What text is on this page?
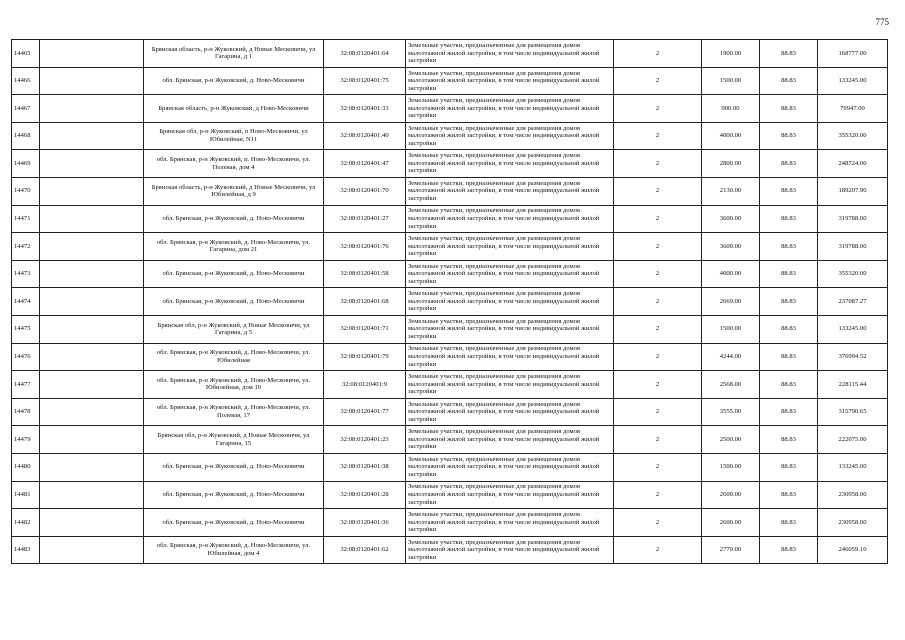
775
14465		Брянская область, р-н Жуковский, д Новые Месковичи, ул Гагарина, д 1	32:08:0120401:64	Земельные участки, предназначенные для размещения домов малоэтажной жилой застройки, в том числе индивидуальной жилой застройки	2	1900.00	88.83	168777.00
14466		обл. Брянская, р-н Жуковский, д. Ново-Месковичи	32:08:0120401:75	Земельные участки, предназначенные для размещения домов малоэтажной жилой застройки, в том числе индивидуальной жилой застройки	2	1500.00	88.83	133245.00
14467		Брянская область, р-н Жуковский, д Ново-Месковичи	32:08:0120401:33	Земельные участки, предназначенные для размещения домов малоэтажной жилой застройки, в том числе индивидуальной жилой застройки	2	900.00	88.83	79947.00
14468		Брянская обл, р-н Жуковский, п Ново-Месковичи, ул Юбилейная, N11	32:08:0120401:40	Земельные участки, предназначенные для размещения домов малоэтажной жилой застройки, в том числе индивидуальной жилой застройки	2	4000.00	88.83	355320.00
14469		обл. Брянская, р-н Жуковский, п. Ново-Месковичи, ул. Полевая, дом 4	32:08:0120401:47	Земельные участки, предназначенные для размещения домов малоэтажной жилой застройки, в том числе индивидуальной жилой застройки	2	2800.00	88.83	248724.00
14470		Брянская область, р-н Жуковский, д Новые Месковичи, ул Юбилейная, д 9	32:08:0120401:70	Земельные участки, предназначенные для размещения домов малоэтажной жилой застройки, в том числе индивидуальной жилой застройки	2	2130.00	88.83	189207.90
14471		обл. Брянская, р-н Жуковский, д. Ново-Месковичи	32:08:0120401:27	Земельные участки, предназначенные для размещения домов малоэтажной жилой застройки, в том числе индивидуальной жилой застройки	2	3600.00	88.83	319788.00
14472		обл. Брянская, р-н Жуковский, д. Ново-Месковичи, ул. Гагарина, дом 21	32:08:0120401:76	Земельные участки, предназначенные для размещения домов малоэтажной жилой застройки, в том числе индивидуальной жилой застройки	2	3600.00	88.83	319788.00
14473		обл. Брянская, р-н Жуковский, д. Ново-Месковичи	32:08:0120401:58	Земельные участки, предназначенные для размещения домов малоэтажной жилой застройки, в том числе индивидуальной жилой застройки	2	4000.00	88.83	355320.00
14474		обл. Брянская, р-н Жуковский, д. Ново-Месковичи	32:08:0120401:68	Земельные участки, предназначенные для размещения домов малоэтажной жилой застройки, в том числе индивидуальной жилой застройки	2	2669.00	88.83	237087.27
14475		Брянская обл, р-н Жуковский, д Новые Месковичи, ул Гагарина, д 5	32:08:0120401:71	Земельные участки, предназначенные для размещения домов малоэтажной жилой застройки, в том числе индивидуальной жилой застройки	2	1500.00	88.83	133245.00
14476		обл. Брянская, р-н Жуковский, д. Ново-Месковичи, ул. Юбилейная	32:08:0120401:79	Земельные участки, предназначенные для размещения домов малоэтажной жилой застройки, в том числе индивидуальной жилой застройки	2	4244.00	88.83	376994.52
14477		обл. Брянская, р-н Жуковский, д. Ново-Месковичи, ул. Юбилейная, дом 10	32:08:0120401:9	Земельные участки, предназначенные для размещения домов малоэтажной жилой застройки, в том числе индивидуальной жилой застройки	2	2568.00	88.83	228115.44
14478		обл. Брянская, р-н Жуковский, д. Ново-Месковичи, ул. Полевая, 17	32:08:0120401:77	Земельные участки, предназначенные для размещения домов малоэтажной жилой застройки, в том числе индивидуальной жилой застройки	2	3555.00	88.83	315790.65
14479		Брянская обл, р-н Жуковский, д Новые Месковичи, ул Гагарина, 15	32:08:0120401:23	Земельные участки, предназначенные для размещения домов малоэтажной жилой застройки, в том числе индивидуальной жилой застройки	2	2500.00	88.83	222075.00
14480		обл. Брянская, р-н Жуковский, д. Ново-Месковичи	32:08:0120401:38	Земельные участки, предназначенные для размещения домов малоэтажной жилой застройки, в том числе индивидуальной жилой застройки	2	1500.00	88.83	133245.00
14481		обл. Брянская, р-н Жуковский, д. Ново-Месковичи	32:08:0120401:28	Земельные участки, предназначенные для размещения домов малоэтажной жилой застройки, в том числе индивидуальной жилой застройки	2	2600.00	88.83	230958.00
14482		обл. Брянская, р-н Жуковский, д. Ново-Месковичи	32:08:0120401:36	Земельные участки, предназначенные для размещения домов малоэтажной жилой застройки, в том числе индивидуальной жилой застройки	2	2600.00	88.83	230958.00
14483		обл. Брянская, р-н Жуковский, д. Ново-Месковичи, ул. Юбилейная, дом 4	32:08:0120401:62	Земельные участки, предназначенные для размещения домов малоэтажной жилой застройки, в том числе индивидуальной жилой застройки	2	2770.00	88.83	246059.10
